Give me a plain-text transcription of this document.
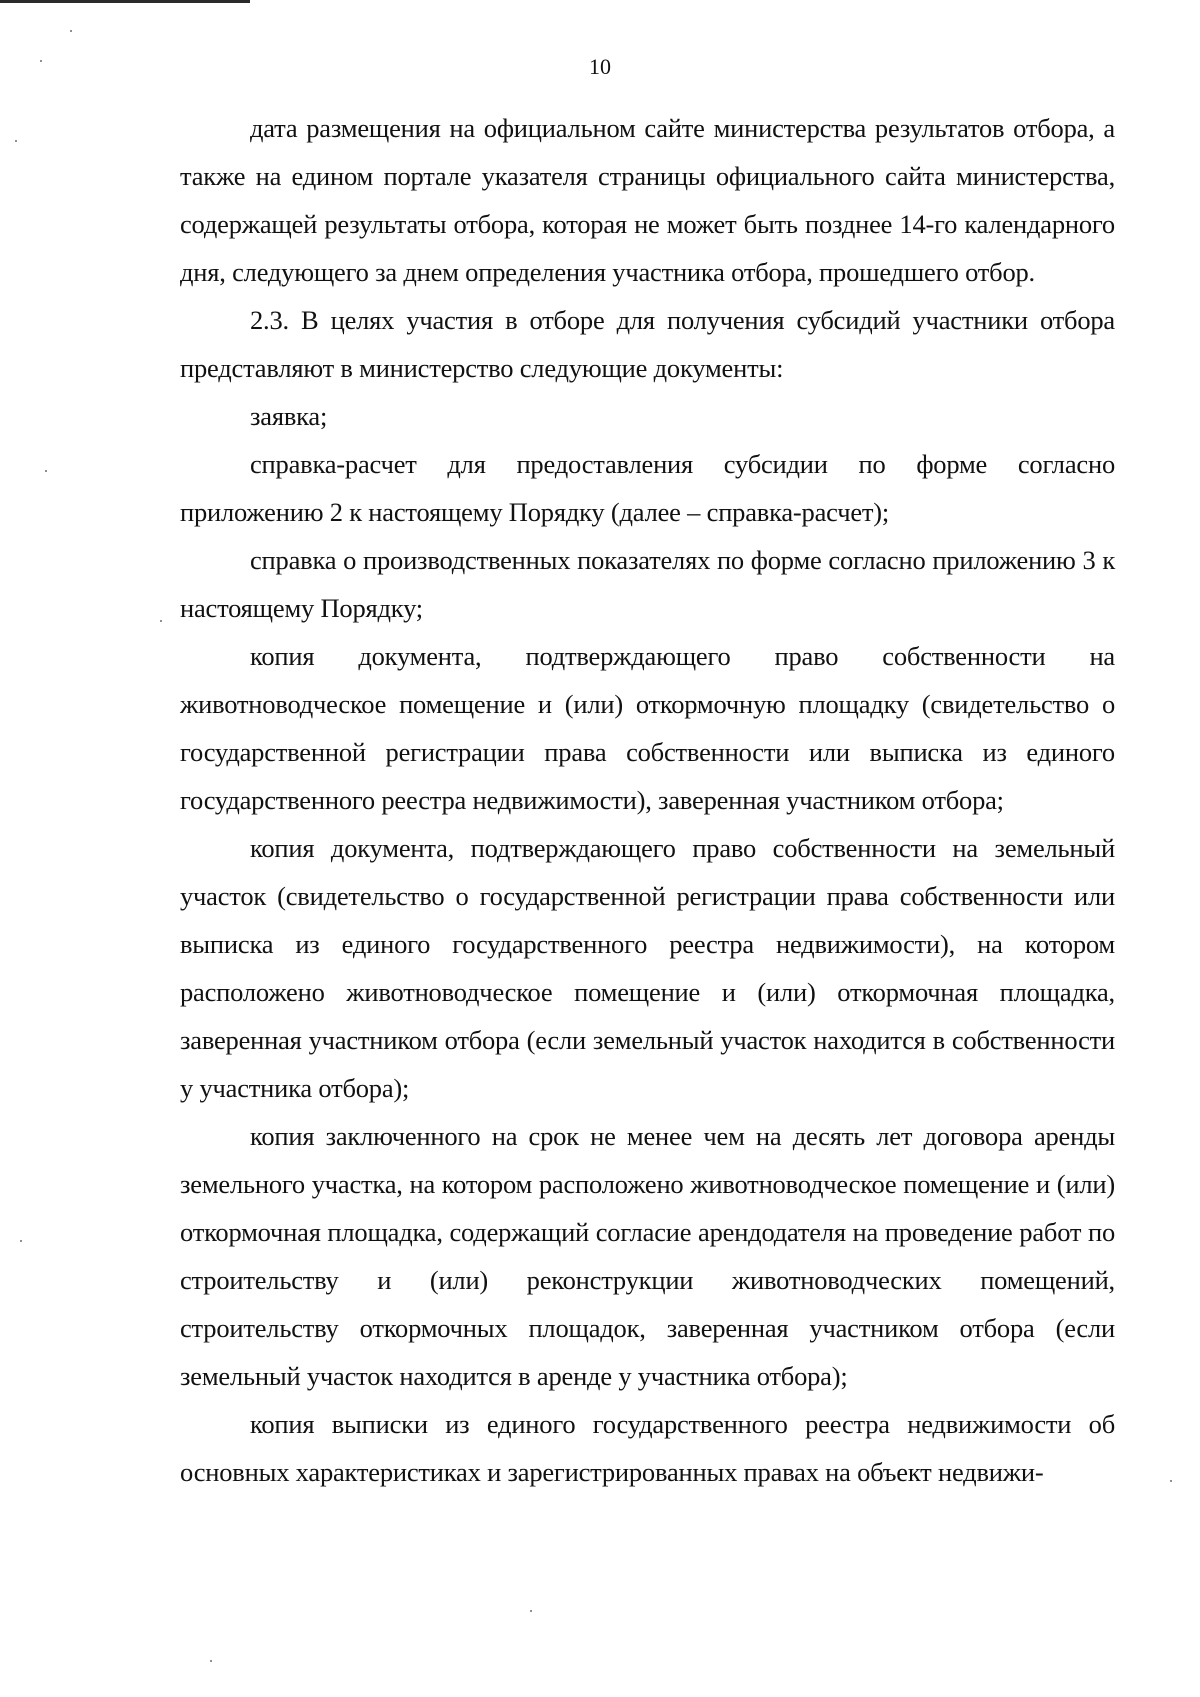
10

дата размещения на официальном сайте министерства результатов отбора, а также на едином портале указателя страницы официального сайта министерства, содержащей результаты отбора, которая не может быть позднее 14-го календарного дня, следующего за днем определения участника отбора, прошедшего отбор.

2.3. В целях участия в отборе для получения субсидий участники отбора представляют в министерство следующие документы:

заявка;

справка-расчет для предоставления субсидии по форме согласно приложению 2 к настоящему Порядку (далее – справка-расчет);

справка о производственных показателях по форме согласно приложению 3 к настоящему Порядку;

копия документа, подтверждающего право собственности на животноводческое помещение и (или) откормочную площадку (свидетельство о государственной регистрации права собственности или выписка из единого государственного реестра недвижимости), заверенная участником отбора;

копия документа, подтверждающего право собственности на земельный участок (свидетельство о государственной регистрации права собственности или выписка из единого государственного реестра недвижимости), на котором расположено животноводческое помещение и (или) откормочная площадка, заверенная участником отбора (если земельный участок находится в собственности у участника отбора);

копия заключенного на срок не менее чем на десять лет договора аренды земельного участка, на котором расположено животноводческое помещение и (или) откормочная площадка, содержащий согласие арендодателя на проведение работ по строительству и (или) реконструкции животноводческих помещений, строительству откормочных площадок, заверенная участником отбора (если земельный участок находится в аренде у участника отбора);

копия выписки из единого государственного реестра недвижимости об основных характеристиках и зарегистрированных правах на объект недвижи-
